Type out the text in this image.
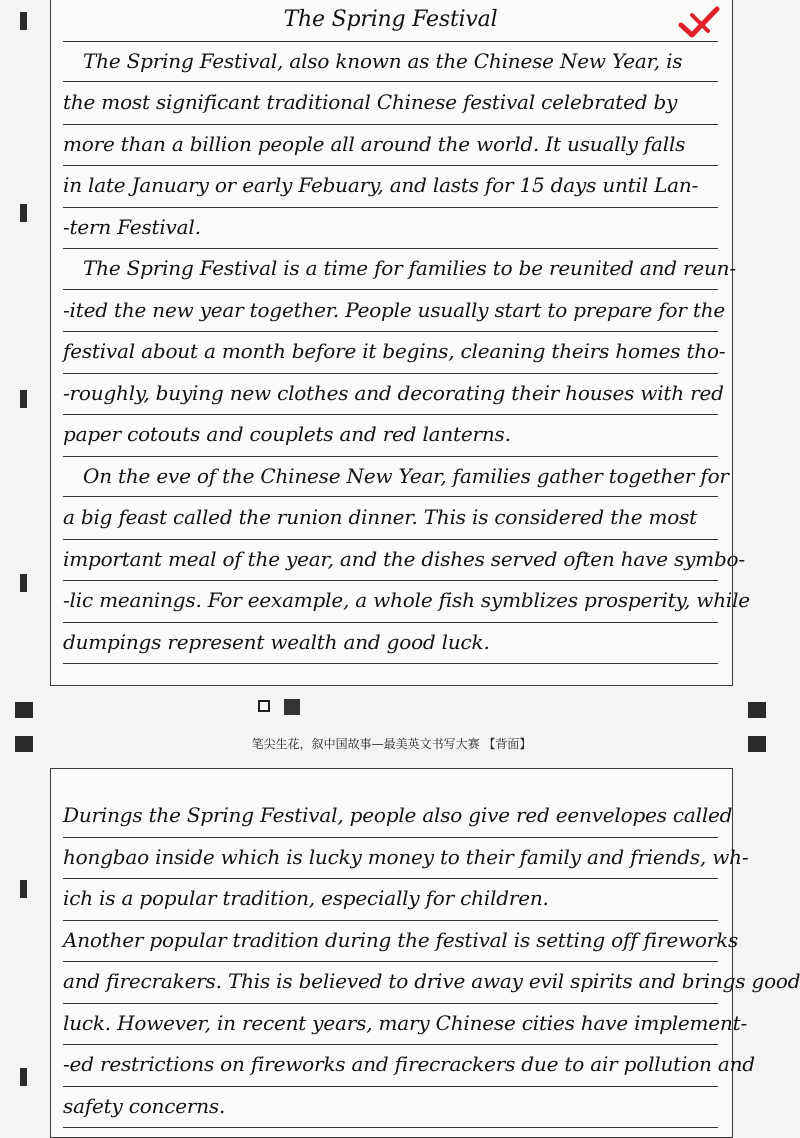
The Spring Festival
The Spring Festival, also known as the Chinese New Year, is
the most significant traditional Chinese festival celebrated by
more than a billion people all around the world. It usually falls
in late January or early Febuary, and lasts for 15 days until Lan-
-tern Festival.
The Spring Festival is a time for families to be reunited and reun-
-ited the new year together. People usually start to prepare for the
festival about a month before it begins, cleaning theirs homes tho-
-roughly, buying new clothes and decorating their houses with red
paper cotouts and couplets and red lanterns.
On the eve of the Chinese New Year, families gather together for
a big feast called the runion dinner. This is considered the most
important meal of the year, and the dishes served often have symbo-
-lic meanings. For eexample, a whole fish symblizes prosperity, while
dumpings represent wealth and good luck.
笔尖生花，叙中国故事—最美英文书写大赛 【背面】
Durings the Spring Festival, people also give red eenvelopes called
hongbao inside which is lucky money to their family and friends, wh-
ich is a popular tradition, especially for children.
Another popular tradition during the festival is setting off fireworks
and firecrakers. This is believed to drive away evil spirits and brings good
luck. However, in recent years, mary Chinese cities have implement-
-ed restrictions on fireworks and firecrackers due to air pollution and
safety concerns.
